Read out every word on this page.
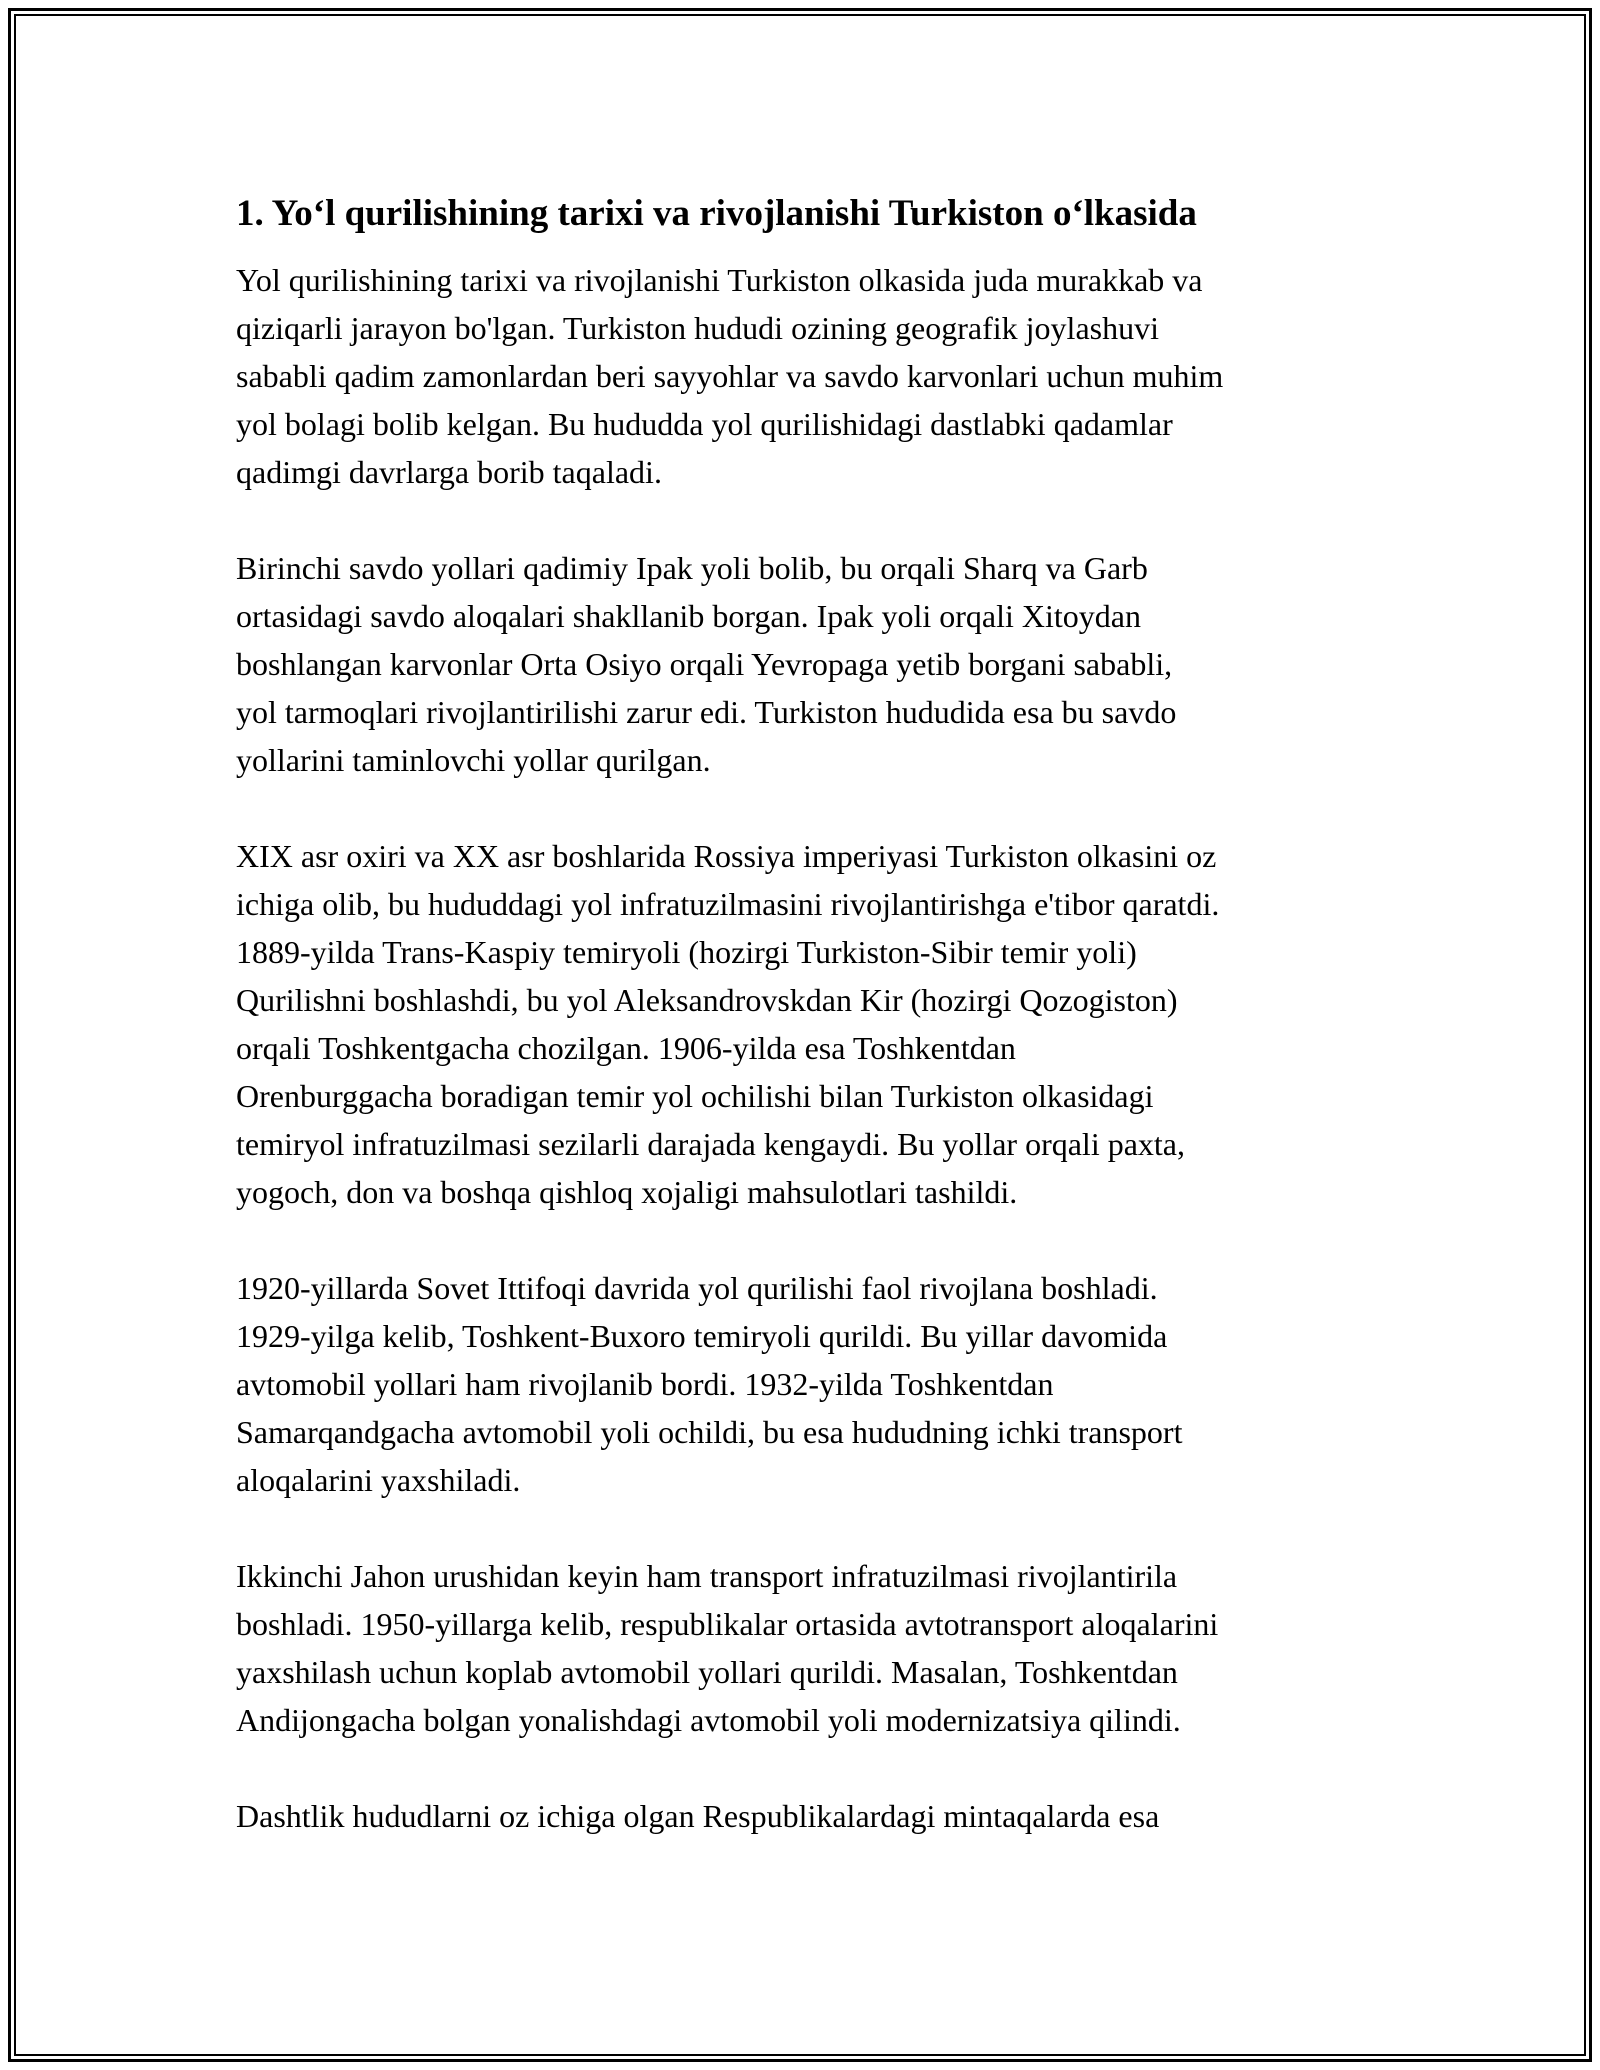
1. Yo‘l qurilishining tarixi va rivojlanishi Turkiston o‘lkasida
Yol qurilishining tarixi va rivojlanishi Turkiston olkasida juda murakkab va
qiziqarli jarayon bo'lgan. Turkiston hududi ozining geografik joylashuvi
sababli qadim zamonlardan beri sayyohlar va savdo karvonlari uchun muhim
yol bolagi bolib kelgan. Bu hududda yol qurilishidagi dastlabki qadamlar
qadimgi davrlarga borib taqaladi.
Birinchi savdo yollari qadimiy Ipak yoli bolib, bu orqali Sharq va Garb
ortasidagi savdo aloqalari shakllanib borgan. Ipak yoli orqali Xitoydan
boshlangan karvonlar Orta Osiyo orqali Yevropaga yetib borgani sababli,
yol tarmoqlari rivojlantirilishi zarur edi. Turkiston hududida esa bu savdo
yollarini taminlovchi yollar qurilgan.
XIX asr oxiri va XX asr boshlarida Rossiya imperiyasi Turkiston olkasini oz
ichiga olib, bu hududdagi yol infratuzilmasini rivojlantirishga e'tibor qaratdi.
1889-yilda Trans-Kaspiy temiryoli (hozirgi Turkiston-Sibir temir yoli)
Qurilishni boshlashdi, bu yol Aleksandrovskdan Kir (hozirgi Qozogiston)
orqali Toshkentgacha chozilgan. 1906-yilda esa Toshkentdan
Orenburggacha boradigan temir yol ochilishi bilan Turkiston olkasidagi
temiryol infratuzilmasi sezilarli darajada kengaydi. Bu yollar orqali paxta,
yogoch, don va boshqa qishloq xojaligi mahsulotlari tashildi.
1920-yillarda Sovet Ittifoqi davrida yol qurilishi faol rivojlana boshladi.
1929-yilga kelib, Toshkent-Buxoro temiryoli qurildi. Bu yillar davomida
avtomobil yollari ham rivojlanib bordi. 1932-yilda Toshkentdan
Samarqandgacha avtomobil yoli ochildi, bu esa hududning ichki transport
aloqalarini yaxshiladi.
Ikkinchi Jahon urushidan keyin ham transport infratuzilmasi rivojlantirila
boshladi. 1950-yillarga kelib, respublikalar ortasida avtotransport aloqalarini
yaxshilash uchun koplab avtomobil yollari qurildi. Masalan, Toshkentdan
Andijongacha bolgan yonalishdagi avtomobil yoli modernizatsiya qilindi.
Dashtlik hududlarni oz ichiga olgan Respublikalardagi mintaqalarda esa
